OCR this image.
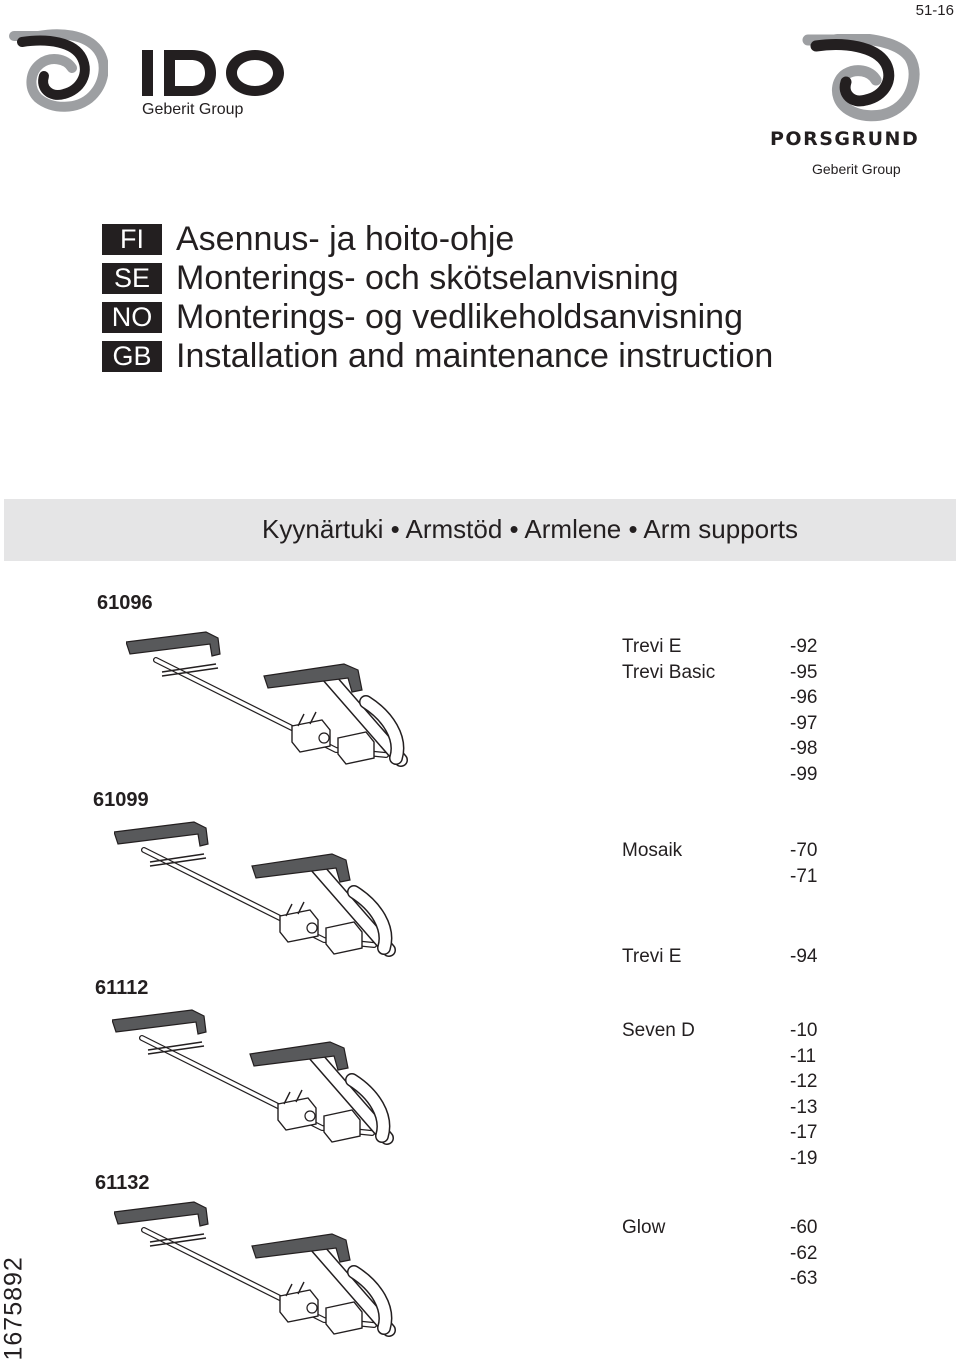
51-16
Geberit Group
PORSGRUND
Geberit Group
FI Asennus- ja hoito-ohje
SE Monterings- och skötselanvisning
NO Monterings- og vedlikeholdsanvisning
GB Installation and maintenance instruction
Kyynärtuki • Armstöd • Armlene • Arm supports
61096
61099
61112
61132
Trevi E	-92
Trevi Basic	-95
-96
-97
-98
-99
Mosaik	-70
-71
Trevi E	-94
Seven D	-10
-11
-12
-13
-17
-19
Glow	-60
-62
-63
1675892
